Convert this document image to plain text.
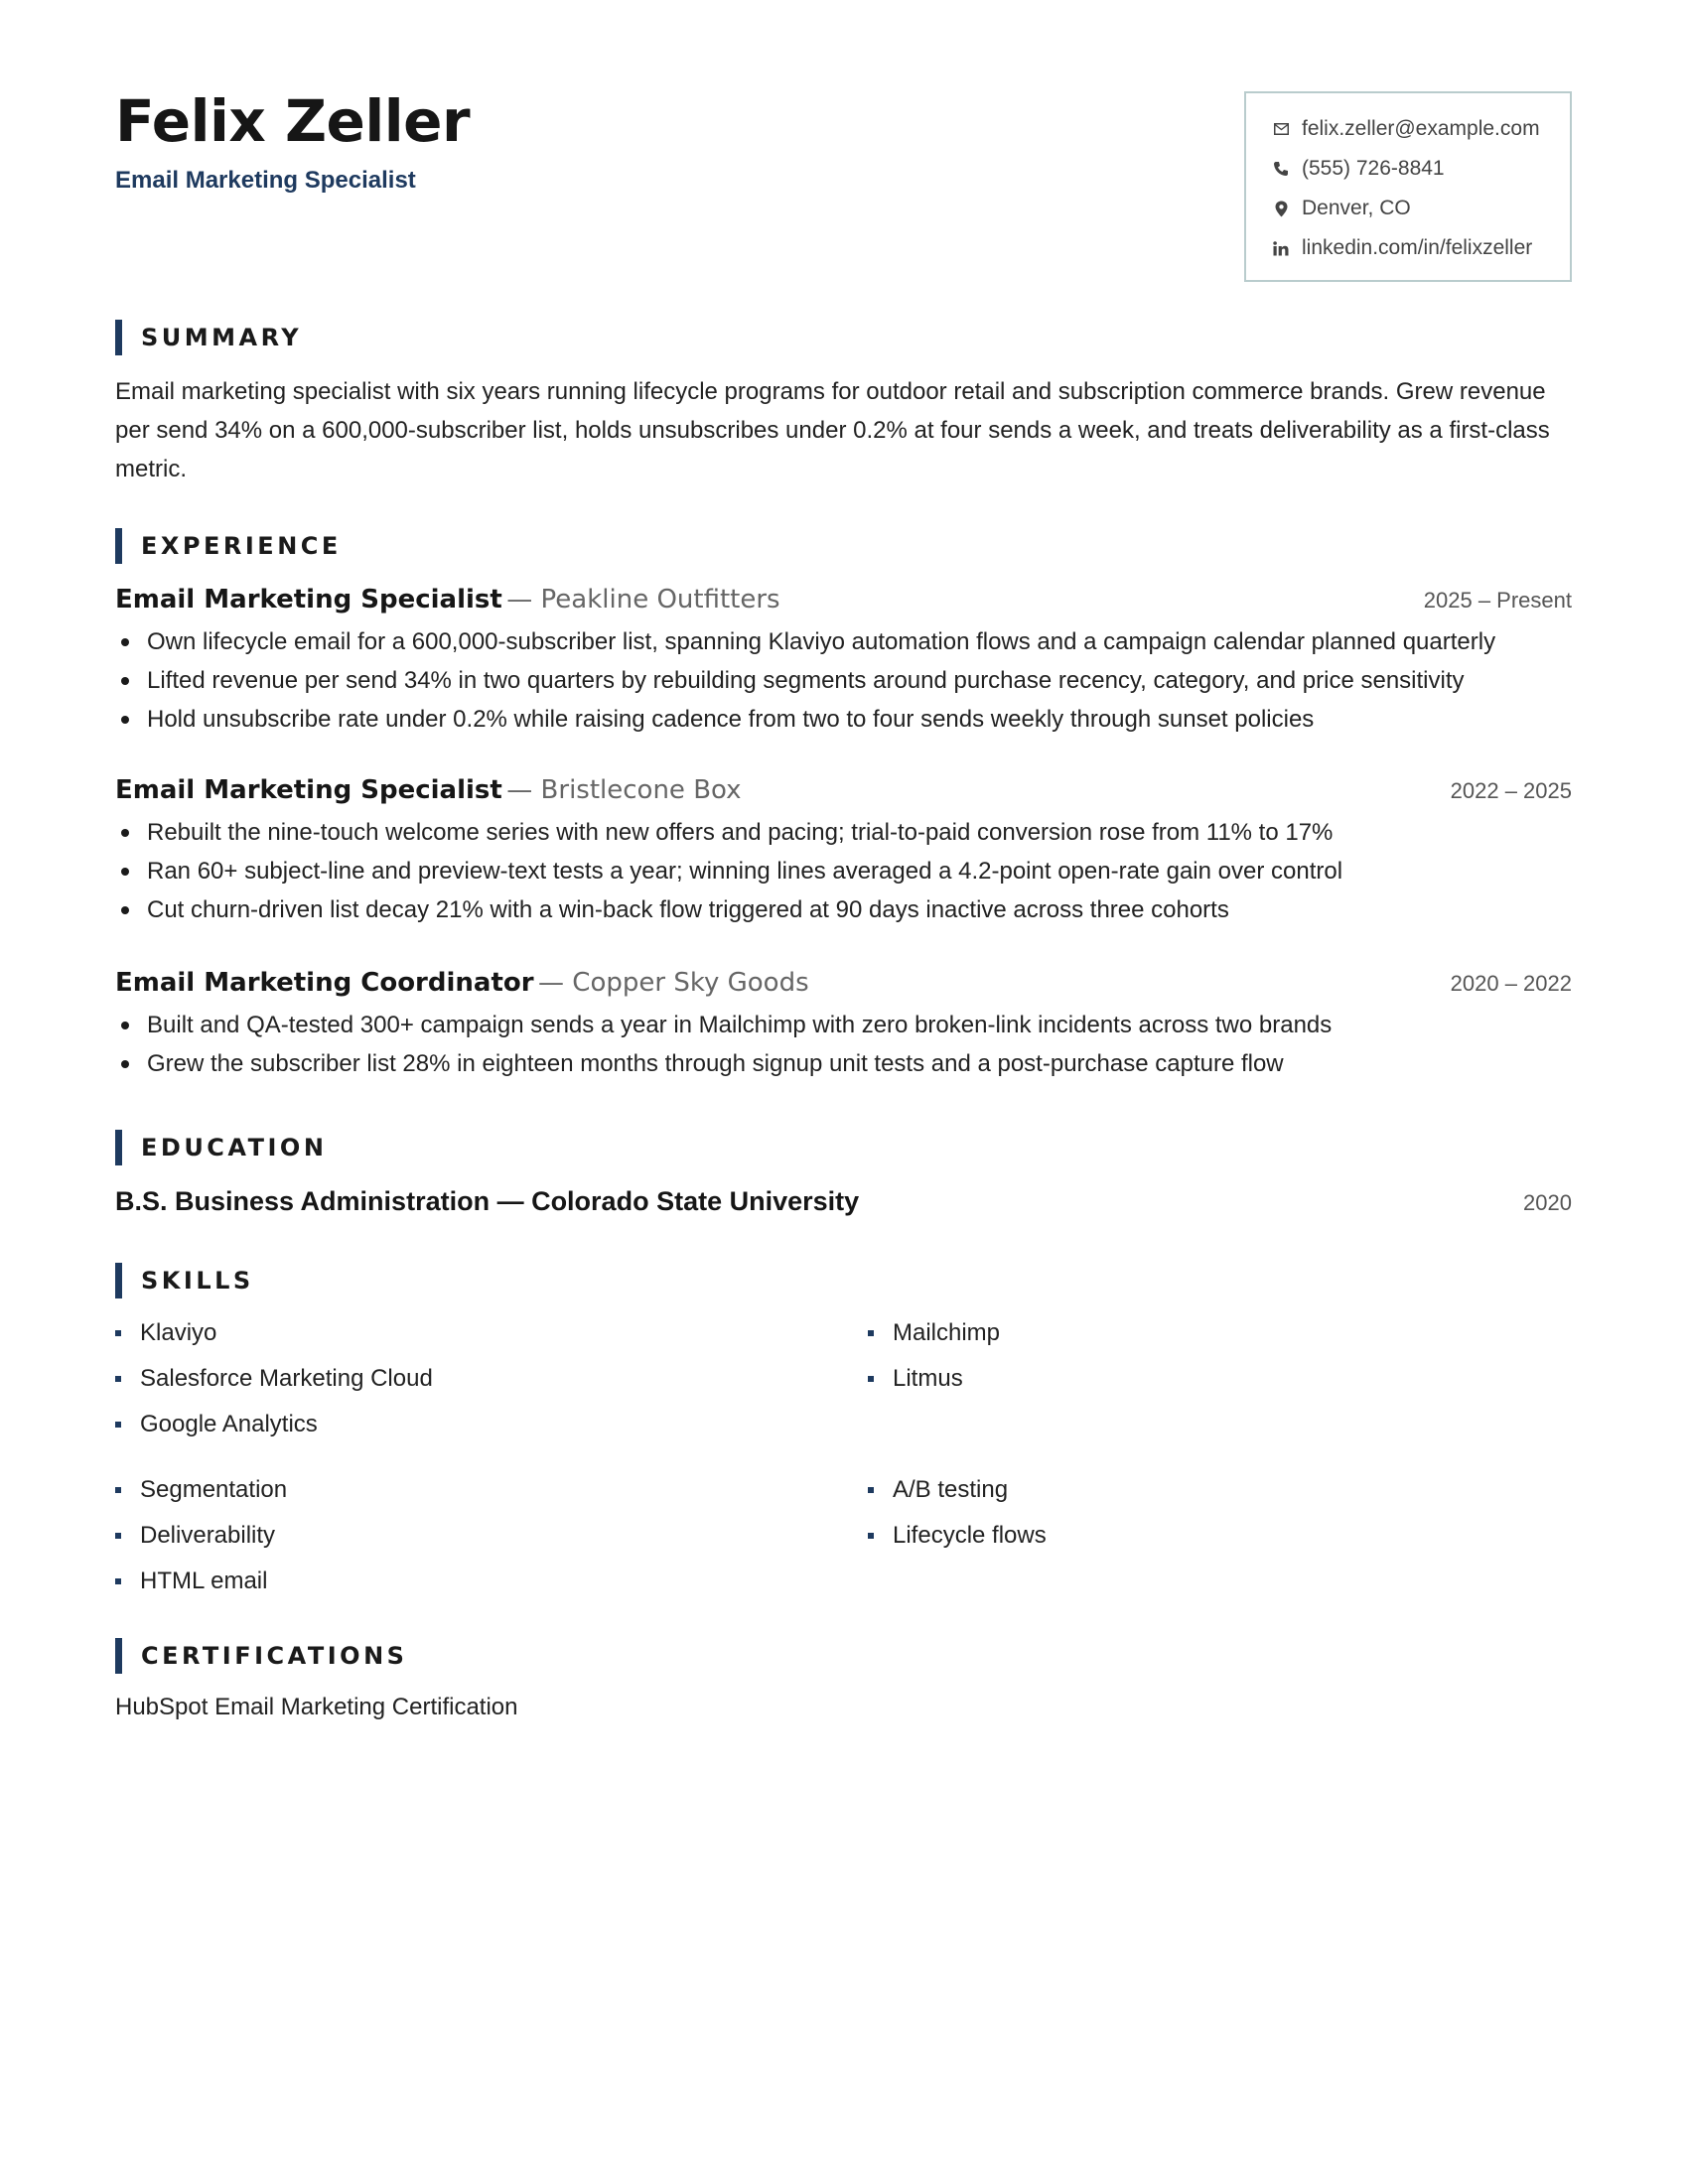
Felix Zeller
Email Marketing Specialist
felix.zeller@example.com
(555) 726-8841
Denver, CO
linkedin.com/in/felixzeller
SUMMARY

Email marketing specialist with six years running lifecycle programs for outdoor retail and subscription commerce brands. Grew revenue per send 34% on a 600,000-subscriber list, holds unsubscribes under 0.2% at four sends a week, and treats deliverability as a first-class metric.

EXPERIENCE
Email Marketing Specialist — Peakline Outfitters	2025 – Present
Own lifecycle email for a 600,000-subscriber list, spanning Klaviyo automation flows and a campaign calendar planned quarterly
Lifted revenue per send 34% in two quarters by rebuilding segments around purchase recency, category, and price sensitivity
Hold unsubscribe rate under 0.2% while raising cadence from two to four sends weekly through sunset policies
Email Marketing Specialist — Bristlecone Box	2022 – 2025
Rebuilt the nine-touch welcome series with new offers and pacing; trial-to-paid conversion rose from 11% to 17%
Ran 60+ subject-line and preview-text tests a year; winning lines averaged a 4.2-point open-rate gain over control
Cut churn-driven list decay 21% with a win-back flow triggered at 90 days inactive across three cohorts
Email Marketing Coordinator — Copper Sky Goods	2020 – 2022
Built and QA-tested 300+ campaign sends a year in Mailchimp with zero broken-link incidents across two brands
Grew the subscriber list 28% in eighteen months through signup unit tests and a post-purchase capture flow
EDUCATION
B.S. Business Administration — Colorado State University	2020
SKILLS
Klaviyo	Mailchimp
Salesforce Marketing Cloud	Litmus
Google Analytics
Segmentation	A/B testing
Deliverability	Lifecycle flows
HTML email
CERTIFICATIONS
HubSpot Email Marketing Certification
